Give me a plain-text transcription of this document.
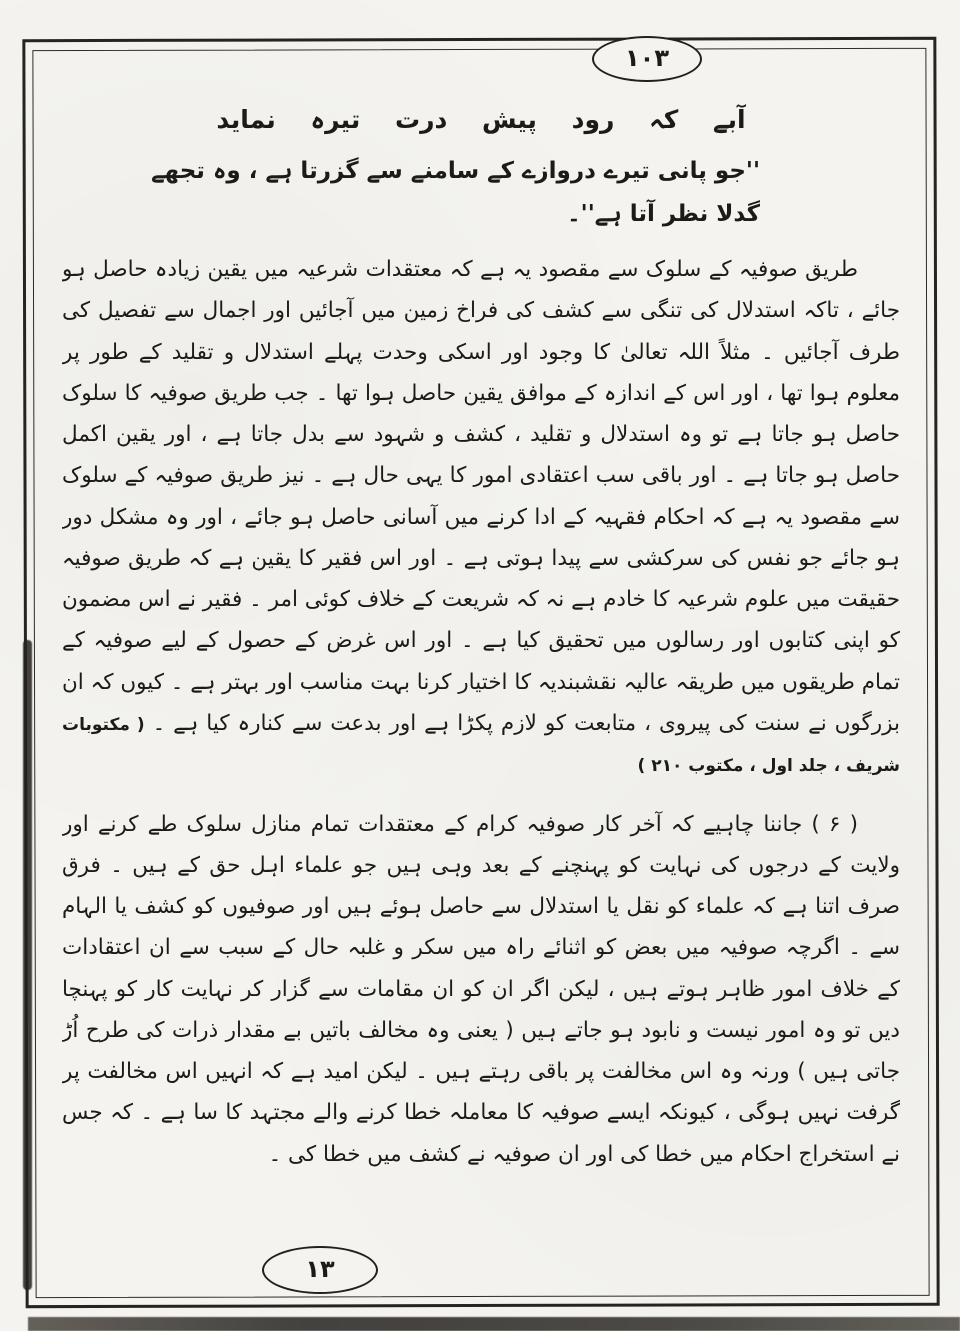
۱۰۳
آبے کہ رود پیش درت تیرہ نماید
''جو پانی تیرے دروازے کے سامنے سے گزرتا ہے ، وہ تجھے گدلا نظر آتا ہے''۔

طریق صوفیہ کے سلوک سے مقصود یہ ہے کہ معتقدات شرعیہ میں یقین زیادہ حاصل ہو جائے ، تاکہ استدلال کی تنگی سے کشف کی فراخ زمین میں آجائیں اور اجمال سے تفصیل کی طرف آجائیں ۔ مثلاً اللہ تعالیٰ کا وجود اور اسکی وحدت پہلے استدلال و تقلید کے طور پر معلوم ہوا تھا ، اور اس کے اندازہ کے موافق یقین حاصل ہوا تھا ۔ جب طریق صوفیہ کا سلوک حاصل ہو جاتا ہے تو وہ استدلال و تقلید ، کشف و شہود سے بدل جاتا ہے ، اور یقین اکمل حاصل ہو جاتا ہے ۔ اور باقی سب اعتقادی امور کا یہی حال ہے ۔ نیز طریق صوفیہ کے سلوک سے مقصود یہ ہے کہ احکام فقہیہ کے ادا کرنے میں آسانی حاصل ہو جائے ، اور وہ مشکل دور ہو جائے جو نفس کی سرکشی سے پیدا ہوتی ہے ۔ اور اس فقیر کا یقین ہے کہ طریق صوفیہ حقیقت میں علوم شرعیہ کا خادم ہے نہ کہ شریعت کے خلاف کوئی امر ۔ فقیر نے اس مضمون کو اپنی کتابوں اور رسالوں میں تحقیق کیا ہے ۔ اور اس غرض کے حصول کے لیے صوفیہ کے تمام طریقوں میں طریقہ عالیہ نقشبندیہ کا اختیار کرنا بہت مناسب اور بہتر ہے ۔ کیوں کہ ان بزرگوں نے سنت کی پیروی ، متابعت کو لازم پکڑا ہے اور بدعت سے کنارہ کیا ہے ۔ ( مکتوبات شریف ، جلد اول ، مکتوب ۲۱۰ )

( ۶ ) جاننا چاہیے کہ آخر کار صوفیہ کرام کے معتقدات تمام منازل سلوک طے کرنے اور ولایت کے درجوں کی نہایت کو پہنچنے کے بعد وہی ہیں جو علماء اہل حق کے ہیں ۔ فرق صرف اتنا ہے کہ علماء کو نقل یا استدلال سے حاصل ہوئے ہیں اور صوفیوں کو کشف یا الہام سے ۔ اگرچہ صوفیہ میں بعض کو اثنائے راہ میں سکر و غلبہ حال کے سبب سے ان اعتقادات کے خلاف امور ظاہر ہوتے ہیں ، لیکن اگر ان کو ان مقامات سے گزار کر نہایت کار کو پہنچا دیں تو وہ امور نیست و نابود ہو جاتے ہیں ( یعنی وہ مخالف باتیں بے مقدار ذرات کی طرح اُڑ جاتی ہیں ) ورنہ وہ اس مخالفت پر باقی رہتے ہیں ۔ لیکن امید ہے کہ انہیں اس مخالفت پر گرفت نہیں ہوگی ، کیونکہ ایسے صوفیہ کا معاملہ خطا کرنے والے مجتہد کا سا ہے ۔ کہ جس نے استخراج احکام میں خطا کی اور ان صوفیہ نے کشف میں خطا کی ۔

۱۳
